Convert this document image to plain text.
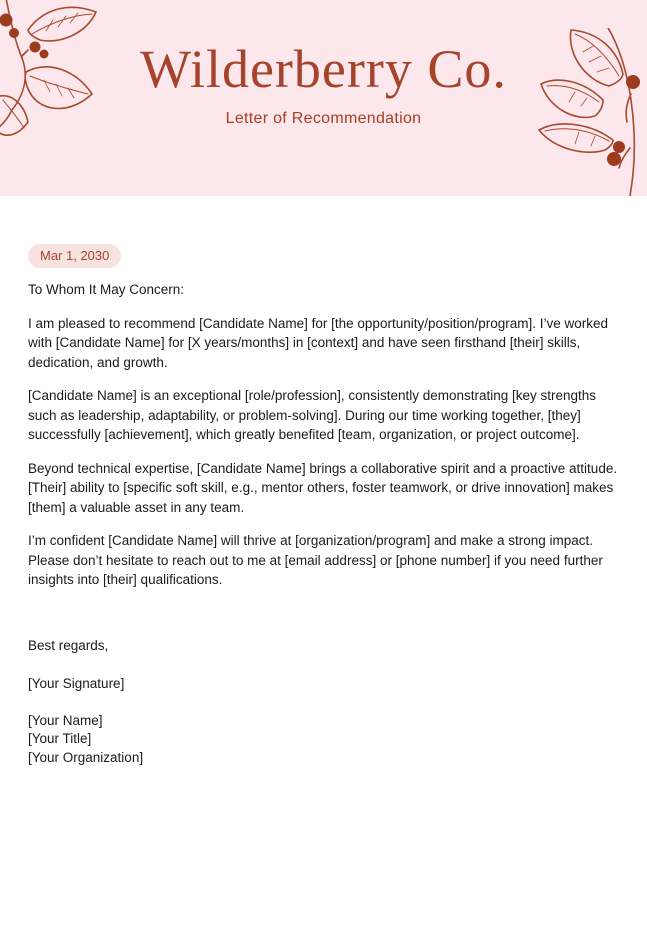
Wilderberry Co.
Letter of Recommendation
Mar 1, 2030

To Whom It May Concern:

I am pleased to recommend [Candidate Name] for [the opportunity/position/program]. I’ve worked with [Candidate Name] for [X years/months] in [context] and have seen firsthand [their] skills, dedication, and growth.

[Candidate Name] is an exceptional [role/profession], consistently demonstrating [key strengths such as leadership, adaptability, or problem-solving]. During our time working together, [they] successfully [achievement], which greatly benefited [team, organization, or project outcome].

Beyond technical expertise, [Candidate Name] brings a collaborative spirit and a proactive attitude. [Their] ability to [specific soft skill, e.g., mentor others, foster teamwork, or drive innovation] makes [them] a valuable asset in any team.

I’m confident [Candidate Name] will thrive at [organization/program] and make a strong impact. Please don’t hesitate to reach out to me at [email address] or [phone number] if you need further insights into [their] qualifications.

Best regards,

[Your Signature]

[Your Name]
[Your Title]
[Your Organization]
